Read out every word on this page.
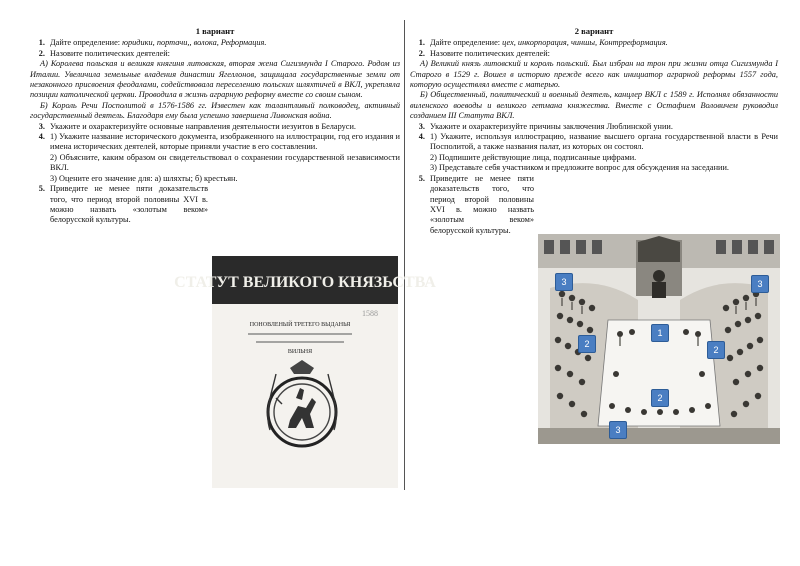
1 вариант
1. Дайте определение: юридики, портачи,, волока, Реформация.
2. Назовите политических деятелей:

А) Королева польская и великая княгиня литовская, вторая жена Сигизмунда I Старого. Родом из Италии. Увеличила земельные владения династии Ягеллонов, защищала государственные земли от незаконного присвоения феодалами, содействовала переселению польских шляхтичей в ВКЛ, укрепляла позиции католической церкви. Проводила в жизнь аграрную реформу вместе со своим сыном.

Б) Король Речи Посполитой в 1576-1586 гг. Известен как талантливый полководец, активный государственный деятель. Благодаря ему была успешно завершена Ливонская война.

3. Укажите и охарактеризуйте основные направления деятельности иезуитов в Беларуси.
4. 1) Укажите название исторического документа, изображенного на иллюстрации, год его издания и имена исторических деятелей, которые приняли участие в его составлении.

2) Объясните, каким образом он свидетельствовал о сохранении государственной независимости ВКЛ.

3) Оцените его значение для: а) шляхты; б) крестьян.

5. Приведите не менее пяти доказательств того, что период второй половины XVI в. можно назвать «золотым веком» белорусской культуры.
СТАТУТ ВЕЛИКОГО КНЯЗЬСТВА
1588
ПОНОВЛЕНЫЙ ТРЕТЕГО ВЫДАНЬЯ
ВИЛЬНЯ
2 вариант
1. Дайте определение: цех, инкорпорация, чиншы, Контрреформация.
2. Назовите политических деятелей:

А) Великий князь литовский и король польский. Был избран на трон при жизни отца Сигизмунда I Старого в 1529 г. Вошел в историю прежде всего как инициатор аграрной реформы 1557 года, которую осуществлял вместе с матерью.

Б) Общественный, политический и военный деятель, канцлер ВКЛ с 1589 г. Исполнял обязанности виленского воеводы и великого гетмана княжества. Вместе с Остафием Воловичем руководил созданием III Статута ВКЛ.

3. Укажите и охарактеризуйте причины заключения Люблинской унии.
4. 1) Укажите, используя иллюстрацию, название высшего органа государственной власти в Речи Посполитой, а также названия палат, из которых он состоял.

2) Подпишите действующие лица, подписанные цифрами.

3) Представьте себя участником и предложите вопрос для обсуждения на заседании.

5. Приведите не менее пяти доказательств того, что период второй половины XVI в. можно назвать «золотым веком» белорусской культуры.
3	3
1
2
2
2
3
